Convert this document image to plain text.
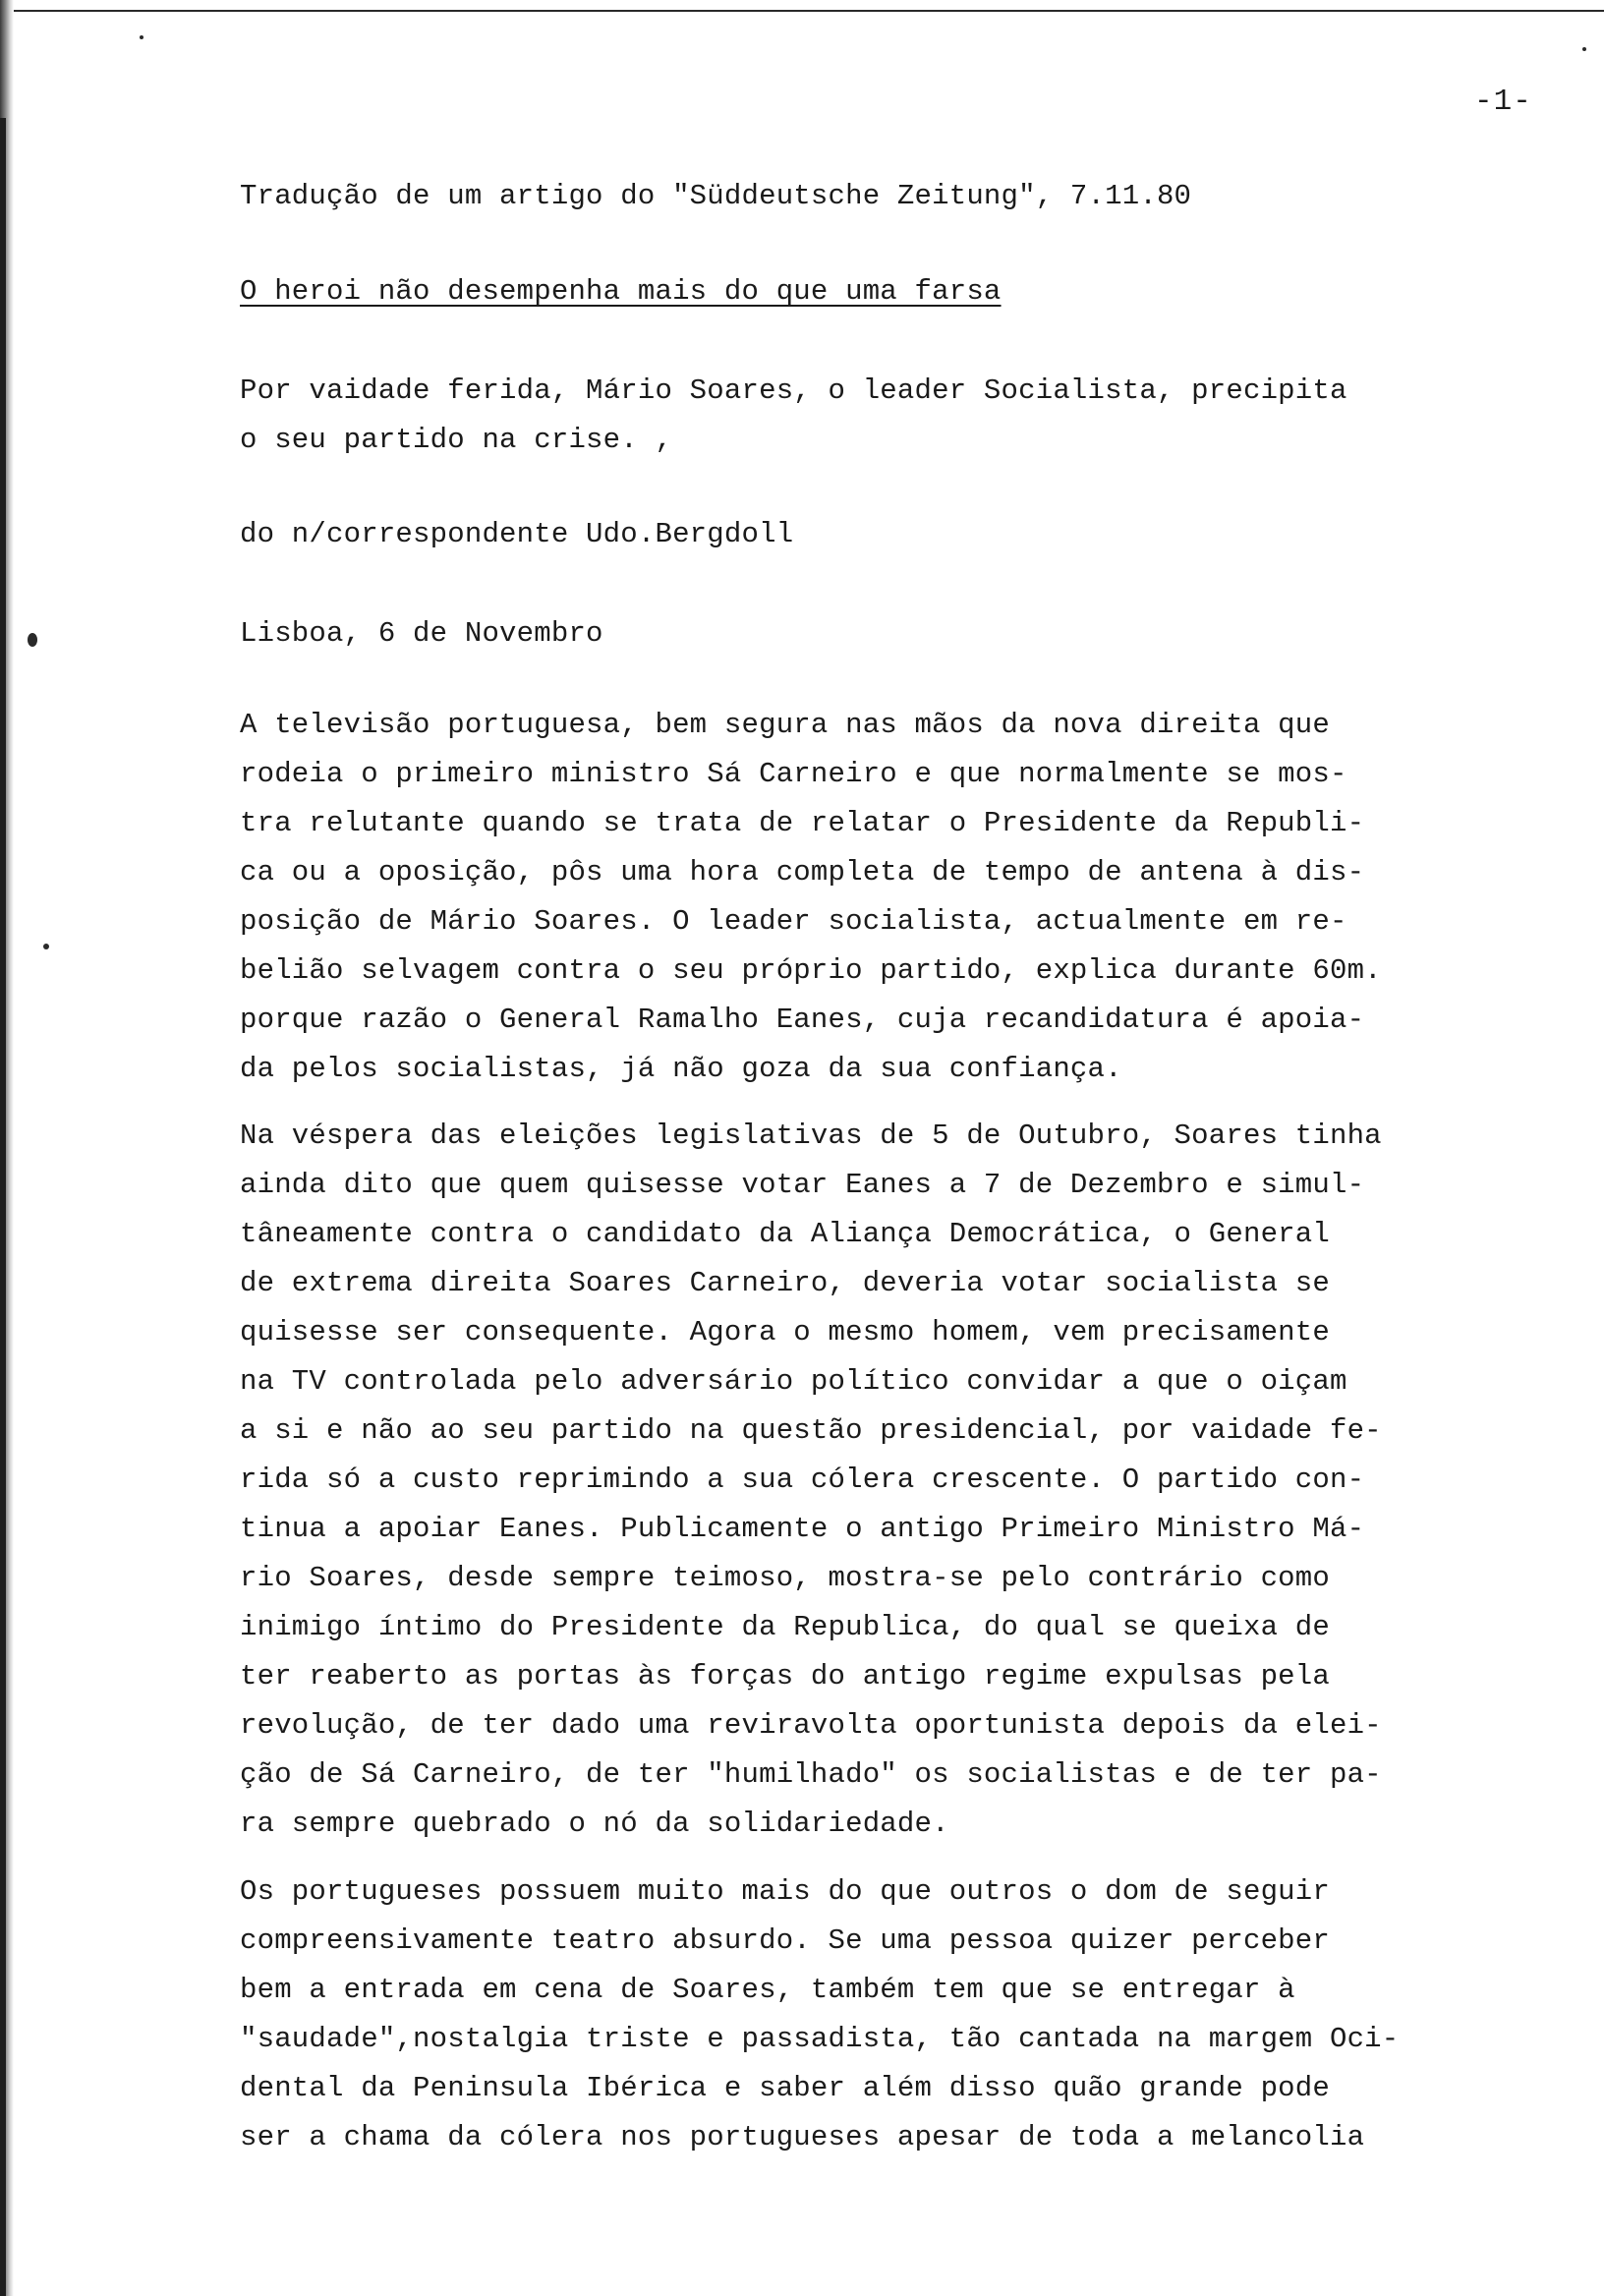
-1-
Tradução de um artigo do "Süddeutsche Zeitung", 7.11.80
O heroi não desempenha mais do que uma farsa
Por vaidade ferida, Mário Soares, o leader Socialista, precipita
o seu partido na crise. ,
do n/correspondente Udo.Bergdoll
Lisboa, 6 de Novembro
A televisão portuguesa, bem segura nas mãos da nova direita que
rodeia o primeiro ministro Sá Carneiro e que normalmente se mos-
tra relutante quando se trata de relatar o Presidente da Republi-
ca ou a oposição, pôs uma hora completa de tempo de antena à dis-
posição de Mário Soares. O leader socialista, actualmente em re-
belião selvagem contra o seu próprio partido, explica durante 60m.
porque razão o General Ramalho Eanes, cuja recandidatura é apoia-
da pelos socialistas, já não goza da sua confiança.
Na véspera das eleições legislativas de 5 de Outubro, Soares tinha
ainda dito que quem quisesse votar Eanes a 7 de Dezembro e simul-
tâneamente contra o candidato da Aliança Democrática, o General
de extrema direita Soares Carneiro, deveria votar socialista se
quisesse ser consequente. Agora o mesmo homem, vem precisamente
na TV controlada pelo adversário político convidar a que o oiçam
a si e não ao seu partido na questão presidencial, por vaidade fe-
rida só a custo reprimindo a sua cólera crescente. O partido con-
tinua a apoiar Eanes. Publicamente o antigo Primeiro Ministro Má-
rio Soares, desde sempre teimoso, mostra-se pelo contrário como
inimigo íntimo do Presidente da Republica, do qual se queixa de
ter reaberto as portas às forças do antigo regime expulsas pela
revolução, de ter dado uma reviravolta oportunista depois da elei-
ção de Sá Carneiro, de ter "humilhado" os socialistas e de ter pa-
ra sempre quebrado o nó da solidariedade.
Os portugueses possuem muito mais do que outros o dom de seguir
compreensivamente teatro absurdo. Se uma pessoa quizer perceber
bem a entrada em cena de Soares, também tem que se entregar à
"saudade",nostalgia triste e passadista, tão cantada na margem Oci-
dental da Peninsula Ibérica e saber além disso quão grande pode
ser a chama da cólera nos portugueses apesar de toda a melancolia
